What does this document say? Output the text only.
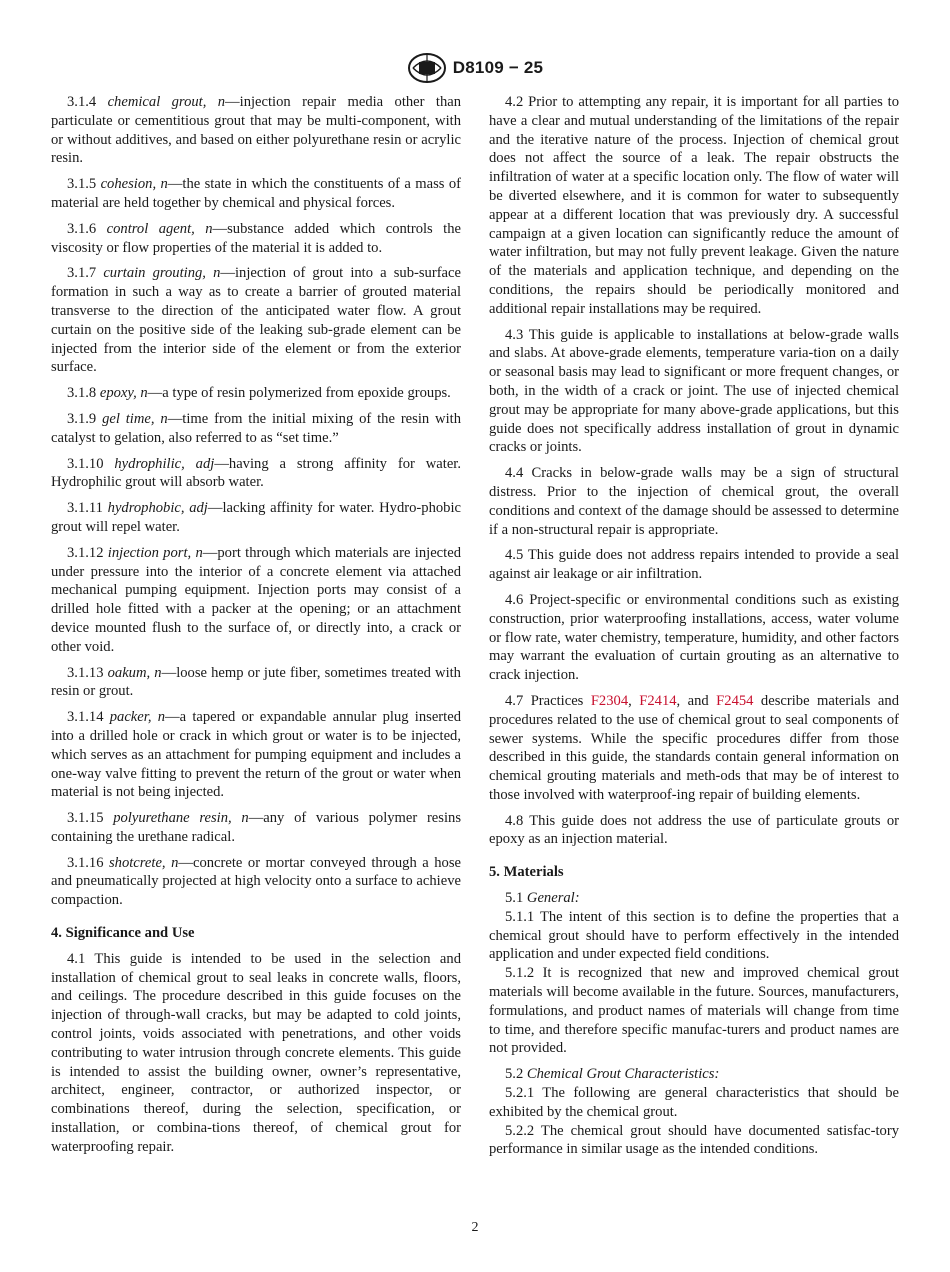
D8109 − 25

3.1.4 chemical grout, n—injection repair media other than particulate or cementitious grout that may be multi-component, with or without additives, and based on either polyurethane resin or acrylic resin.

3.1.5 cohesion, n—the state in which the constituents of a mass of material are held together by chemical and physical forces.

3.1.6 control agent, n—substance added which controls the viscosity or flow properties of the material it is added to.

3.1.7 curtain grouting, n—injection of grout into a sub-surface formation in such a way as to create a barrier of grouted material transverse to the direction of the anticipated water flow. A grout curtain on the positive side of the leaking sub-grade element can be injected from the interior side of the element or from the exterior surface.

3.1.8 epoxy, n—a type of resin polymerized from epoxide groups.

3.1.9 gel time, n—time from the initial mixing of the resin with catalyst to gelation, also referred to as “set time.”

3.1.10 hydrophilic, adj—having a strong affinity for water. Hydrophilic grout will absorb water.

3.1.11 hydrophobic, adj—lacking affinity for water. Hydro-phobic grout will repel water.

3.1.12 injection port, n—port through which materials are injected under pressure into the interior of a concrete element via attached mechanical pumping equipment. Injection ports may consist of a drilled hole fitted with a packer at the opening; or an attachment device mounted flush to the surface of, or directly into, a crack or other void.

3.1.13 oakum, n—loose hemp or jute fiber, sometimes treated with resin or grout.

3.1.14 packer, n—a tapered or expandable annular plug inserted into a drilled hole or crack in which grout or water is to be injected, which serves as an attachment for pumping equipment and includes a one-way valve fitting to prevent the return of the grout or water when material is not being injected.

3.1.15 polyurethane resin, n—any of various polymer resins containing the urethane radical.

3.1.16 shotcrete, n—concrete or mortar conveyed through a hose and pneumatically projected at high velocity onto a surface to achieve compaction.

4. Significance and Use

4.1 This guide is intended to be used in the selection and installation of chemical grout to seal leaks in concrete walls, floors, and ceilings. The procedure described in this guide focuses on the injection of through-wall cracks, but may be adapted to cold joints, control joints, voids associated with penetrations, and other voids contributing to water intrusion through concrete elements. This guide is intended to assist the building owner, owner’s representative, architect, engineer, contractor, or authorized inspector, or combinations thereof, during the selection, specification, or installation, or combina-tions thereof, of chemical grout for waterproofing repair.

4.2 Prior to attempting any repair, it is important for all parties to have a clear and mutual understanding of the limitations of the repair and the iterative nature of the process. Injection of chemical grout does not affect the source of a leak. The repair obstructs the infiltration of water at a specific location only. The flow of water will be diverted elsewhere, and it is common for water to subsequently appear at a different location that was previously dry. A successful campaign at a given location can significantly reduce the amount of water infiltration, but may not fully prevent leakage. Given the nature of the materials and application technique, and depending on the conditions, the repairs should be periodically monitored and additional repair installations may be required.

4.3 This guide is applicable to installations at below-grade walls and slabs. At above-grade elements, temperature varia-tion on a daily or seasonal basis may lead to significant or more frequent changes, or both, in the width of a crack or joint. The use of injected chemical grout may be appropriate for many above-grade applications, but this guide does not specifically address installation of grout in dynamic cracks or joints.

4.4 Cracks in below-grade walls may be a sign of structural distress. Prior to the injection of chemical grout, the overall conditions and context of the damage should be assessed to determine if a non-structural repair is appropriate.

4.5 This guide does not address repairs intended to provide a seal against air leakage or air infiltration.

4.6 Project-specific or environmental conditions such as existing construction, prior waterproofing installations, access, water volume or flow rate, water chemistry, temperature, humidity, and other factors may warrant the evaluation of curtain grouting as an alternative to crack injection.

4.7 Practices F2304, F2414, and F2454 describe materials and procedures related to the use of chemical grout to seal components of sewer systems. While the specific procedures differ from those described in this guide, the standards contain general information on chemical grouting materials and meth-ods that may be of interest to those involved with waterproof-ing repair of building elements.

4.8 This guide does not address the use of particulate grouts or epoxy as an injection material.

5. Materials

5.1 General:

5.1.1 The intent of this section is to define the properties that a chemical grout should have to perform effectively in the intended application and under expected field conditions.

5.1.2 It is recognized that new and improved chemical grout materials will become available in the future. Sources, manufacturers, formulations, and product names of materials will change from time to time, and therefore specific manufac-turers and product names are not provided.

5.2 Chemical Grout Characteristics:

5.2.1 The following are general characteristics that should be exhibited by the chemical grout.

5.2.2 The chemical grout should have documented satisfac-tory performance in similar usage as the intended conditions.

2
